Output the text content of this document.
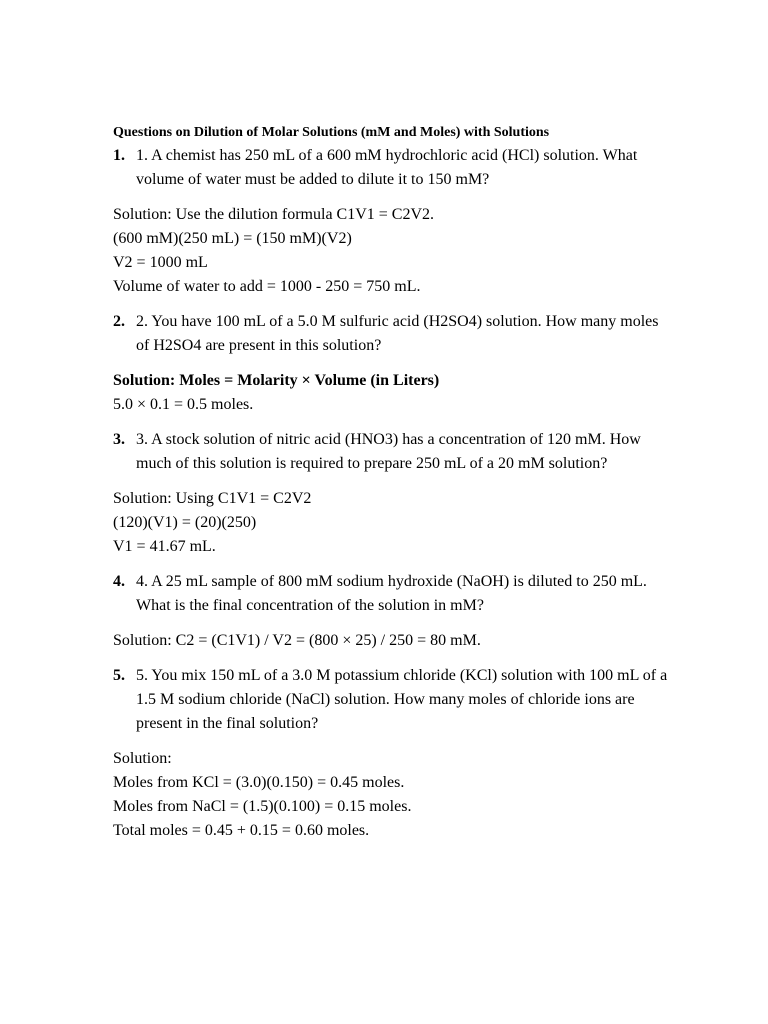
Questions on Dilution of Molar Solutions (mM and Moles) with Solutions
1. 1. A chemist has 250 mL of a 600 mM hydrochloric acid (HCl) solution. What volume of water must be added to dilute it to 150 mM?
Solution: Use the dilution formula C1V1 = C2V2.
(600 mM)(250 mL) = (150 mM)(V2)
V2 = 1000 mL
Volume of water to add = 1000 - 250 = 750 mL.
2. 2. You have 100 mL of a 5.0 M sulfuric acid (H2SO4) solution. How many moles of H2SO4 are present in this solution?
Solution: Moles = Molarity × Volume (in Liters)
5.0 × 0.1 = 0.5 moles.
3. 3. A stock solution of nitric acid (HNO3) has a concentration of 120 mM. How much of this solution is required to prepare 250 mL of a 20 mM solution?
Solution: Using C1V1 = C2V2
(120)(V1) = (20)(250)
V1 = 41.67 mL.
4. 4. A 25 mL sample of 800 mM sodium hydroxide (NaOH) is diluted to 250 mL. What is the final concentration of the solution in mM?
Solution: C2 = (C1V1) / V2 = (800 × 25) / 250 = 80 mM.
5. 5. You mix 150 mL of a 3.0 M potassium chloride (KCl) solution with 100 mL of a 1.5 M sodium chloride (NaCl) solution. How many moles of chloride ions are present in the final solution?
Solution:
Moles from KCl = (3.0)(0.150) = 0.45 moles.
Moles from NaCl = (1.5)(0.100) = 0.15 moles.
Total moles = 0.45 + 0.15 = 0.60 moles.
